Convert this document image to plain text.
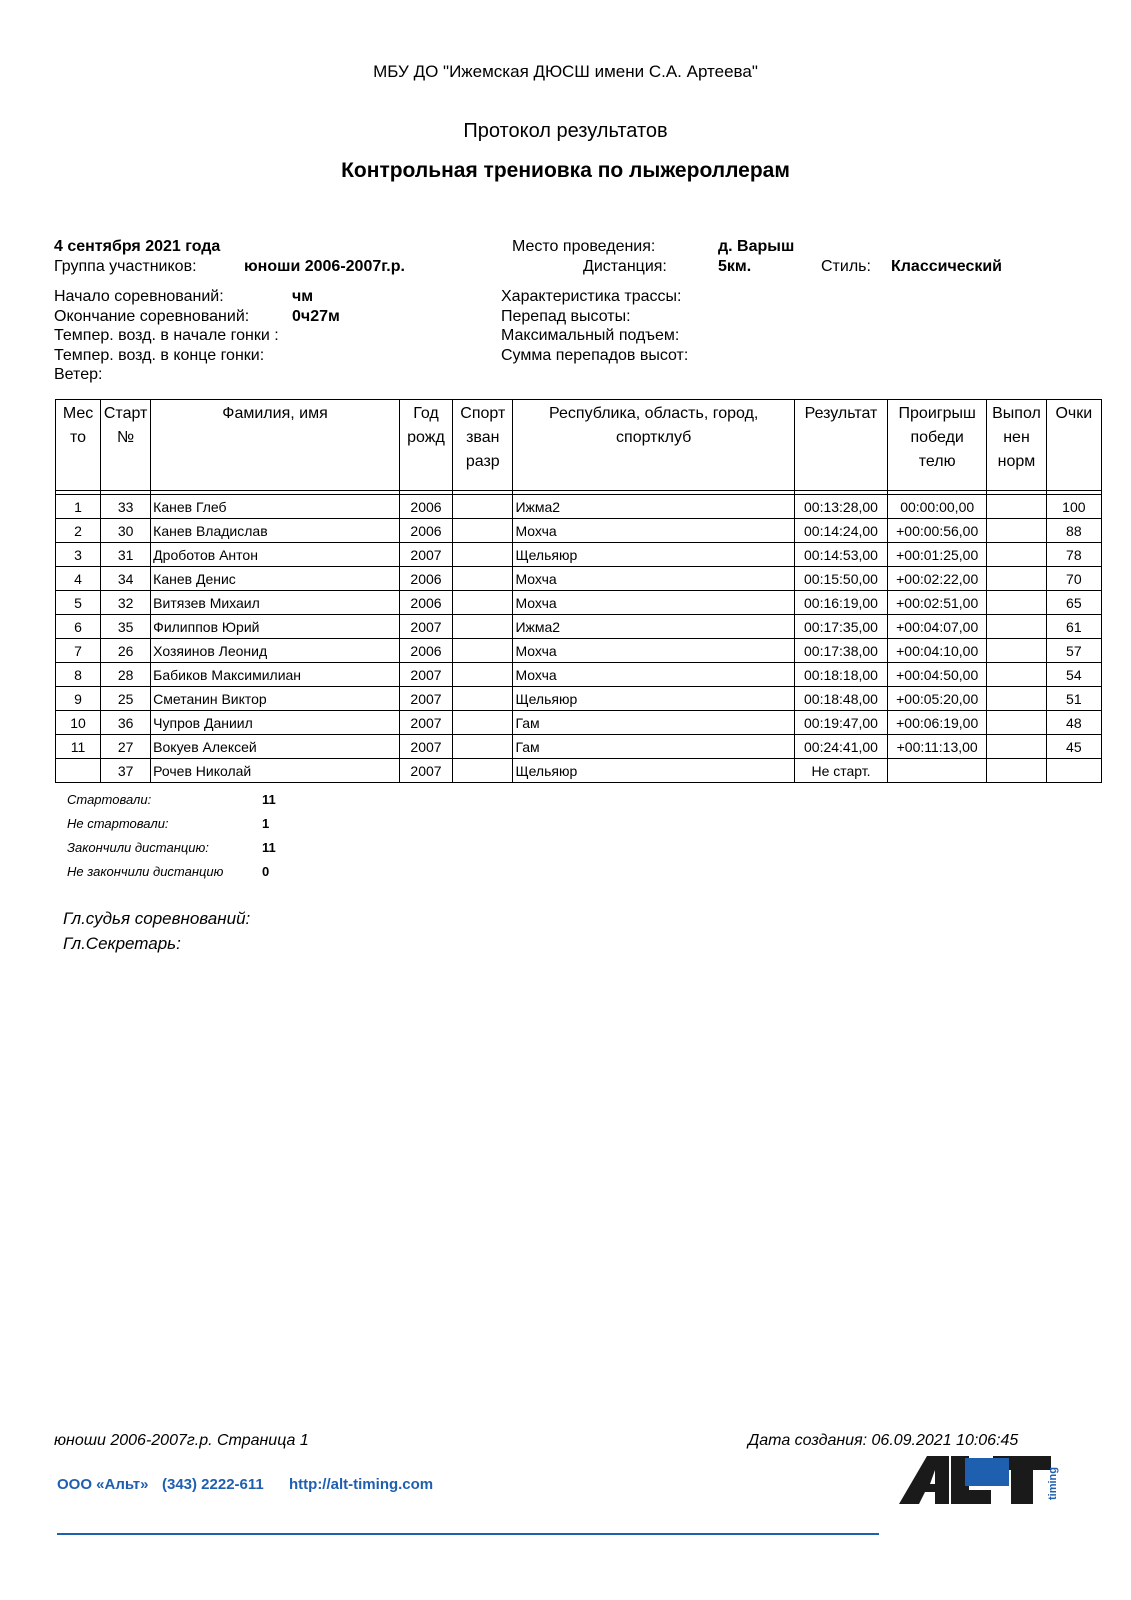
МБУ ДО "Ижемская ДЮСШ имени С.А. Артеева"
Протокол результатов
Контрольная трениовка по лыжероллерам
4 сентября 2021 года
Группа участников:	юноши 2006-2007г.р.
Место проведения:	д. Варыш
Дистанция:	5км.	Стиль: Классический
Начало соревнований:	чм
Окончание соревнований:	0ч27м
Темпер. возд. в начале гонки :
Темпер. возд. в конце гонки:
Ветер:
Характеристика трассы:
Перепад высоты:
Максимальный подъем:
Сумма перепадов высот:
Мес то	Старт №	Фамилия, имя	Год рожд	Спорт зван разр	Республика, область, город, спортклуб	Результат	Проигрыш победи телю	Выпол нен норм	Очки

1	33	Канев Глеб	2006		Ижма2	00:13:28,00	00:00:00,00		100
2	30	Канев Владислав	2006		Мохча	00:14:24,00	+00:00:56,00		88
3	31	Дроботов Антон	2007		Щельяюр	00:14:53,00	+00:01:25,00		78
4	34	Канев Денис	2006		Мохча	00:15:50,00	+00:02:22,00		70
5	32	Витязев Михаил	2006		Мохча	00:16:19,00	+00:02:51,00		65
6	35	Филиппов Юрий	2007		Ижма2	00:17:35,00	+00:04:07,00		61
7	26	Хозяинов Леонид	2006		Мохча	00:17:38,00	+00:04:10,00		57
8	28	Бабиков Максимилиан	2007		Мохча	00:18:18,00	+00:04:50,00		54
9	25	Сметанин Виктор	2007		Щельяюр	00:18:48,00	+00:05:20,00		51
10	36	Чупров Даниил	2007		Гам	00:19:47,00	+00:06:19,00		48
11	27	Вокуев Алексей	2007		Гам	00:24:41,00	+00:11:13,00		45
	37	Рочев Николай	2007		Щельяюр	Не старт.			
Стартовали:	11
Не стартовали:	1
Закончили дистанцию:	11
Не закончили дистанцию	0
Гл.судья соревнований:
Гл.Секретарь:
юноши 2006-2007г.р. Страница 1	Дата создания: 06.09.2021 10:06:45
ООО «Альт» (343) 2222-611 http://alt-timing.com	timing
